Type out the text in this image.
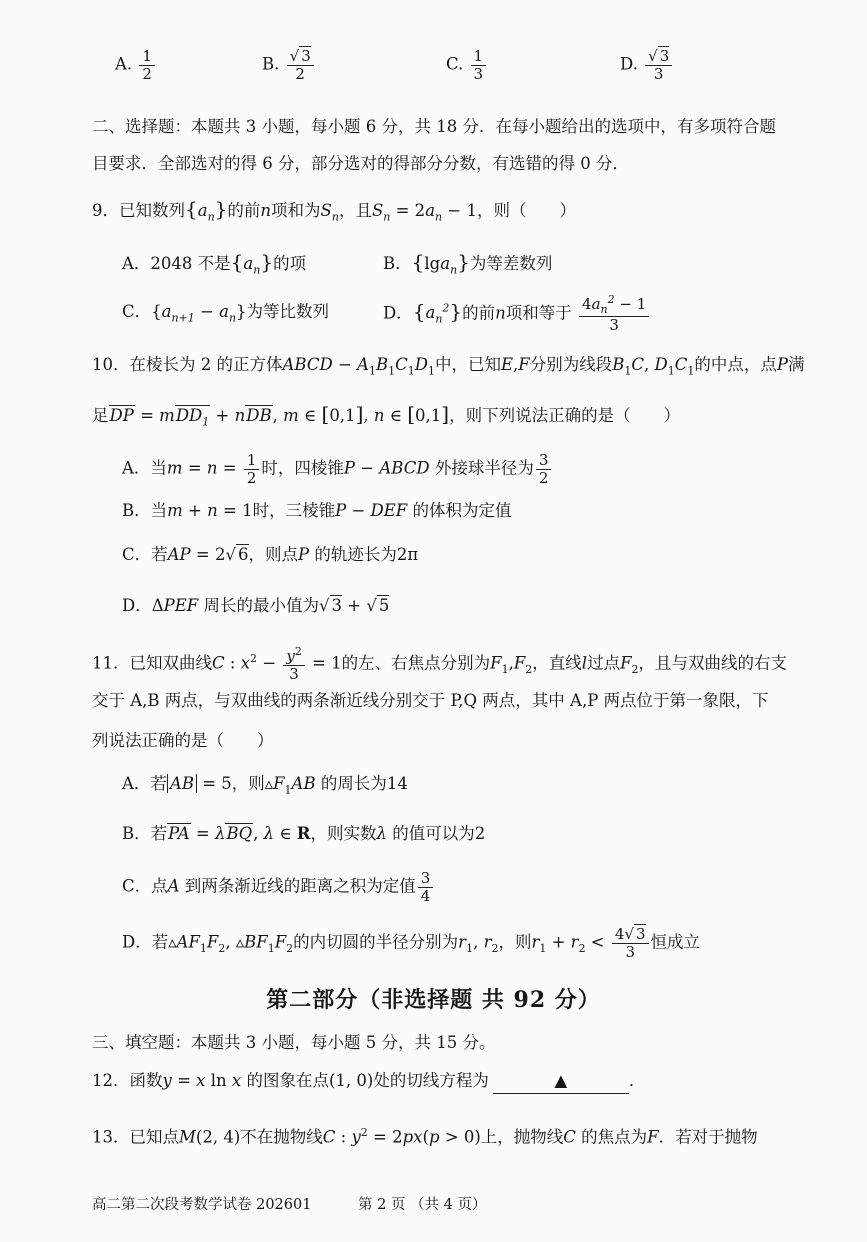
A. $\frac{1}{2}$	B. $\frac{√ 3}{2}$	C. $\frac{1}{3}$	D. $\frac{√ 3}{3}$
二、选择题：本题共 3 小题，每小题 6 分，共 18 分．在每小题给出的选项中，有多项符合题
目要求．全部选对的得 6 分，部分选对的得部分分数，有选错的得 0 分．
9．已知数列$\{a_n\}$的前n项和为$S_n$，且$S_n = 2a_n - 1$，则（　　）
A．2048 不是$\{a_n\}$的项	B．{lga$_n$}为等差数列
C．$\{a_{n+1} - a_n\}$为等比数列	D．$\{a_n^2\}$的前n项和等于 $\frac{4a_n^2 - 1}{3}$
10．在棱长为 2 的正方体ABCD − $A_1B_1C_1D_1$中，已知E,F分别为线段$B_1C$, $D_1C_1$的中点，点P满
足DP = mDD$_1$ + nDB, m ∈ [0,1], n ∈ [0,1]，则下列说法正确的是（　　）
A．当$m = n = \frac{1}{2}$ 时，四棱锥P − ABCD 外接球半径为 $\frac{3}{2}$
B．当m + n = 1时，三棱锥P − DEF 的体积为定值
C．若AP = 2√ 6，则点P 的轨迹长为2π
D．ΔPEF 周长的最小值为√ 3 + √ 5
11．已知双曲线C : $x^2 - \frac{y^2}{3} = 1$的左、右焦点分别为$F_1,F_2$，直线l过点$F_2$，且与双曲线的右支
交于 A,B 两点，与双曲线的两条渐近线分别交于 P,Q 两点，其中 A,P 两点位于第一象限，下
列说法正确的是（　　）
A．若 AB = 5，则$▵F_1AB$ 的周长为14
B．若PA = λBQ, λ ∈ R，则实数λ 的值可以为2
C．点A 到两条渐近线的距离之积为定值 $\frac{3}{4}$
D．若$▵AF_1F_2$, $▵BF_1F_2$的内切圆的半径分别为$r_1$, $r_2$，则$r_1 + r_2 < \frac{4√ 3}{3}$ 恒成立
第二部分（非选择题 共 92 分）
三、填空题：本题共 3 小题，每小题 5 分，共 15 分。
12．函数y = x ln x 的图象在点(1, 0)处的切线方程为	▲	．
13．已知点M(2, 4)不在抛物线C : $y^2 = 2px(p > 0)$上，抛物线C 的焦点为F．若对于抛物
高二第二次段考数学试卷 202601	第 2 页 （共 4 页）
